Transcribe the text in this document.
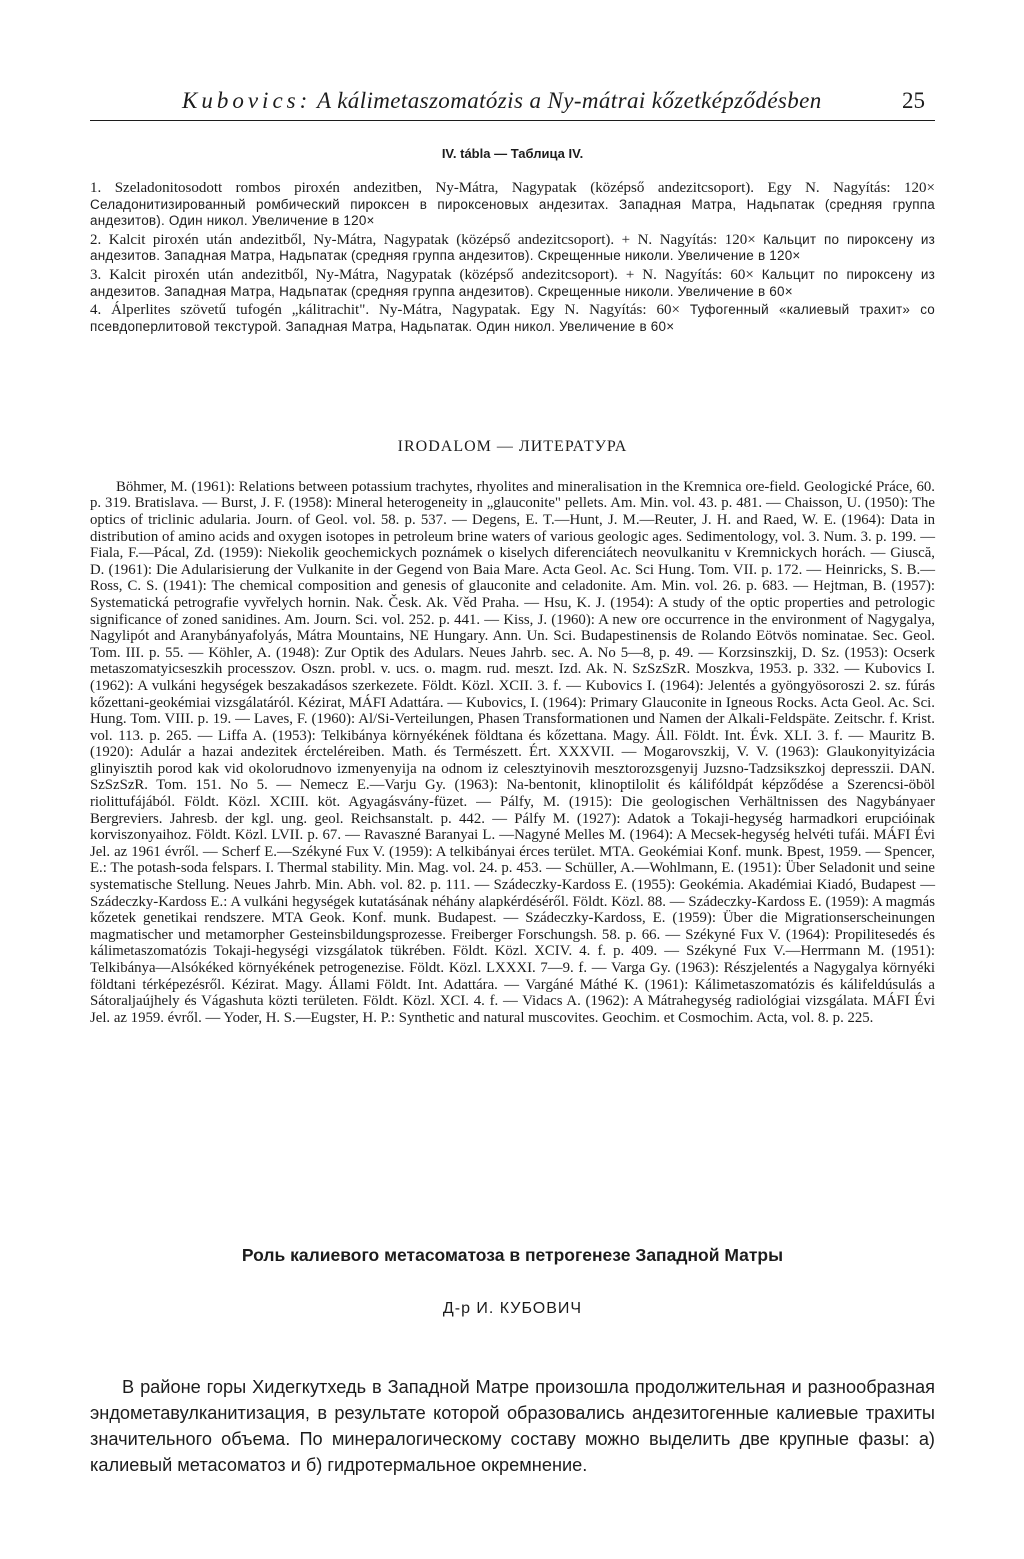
Kubovics: A kálimetaszomatózis a Ny-mátrai kőzetképződésben	25
IV. tábla — Таблица IV.

1. Szeladonitosodott rombos piroxén andezitben, Ny-Mátra, Nagypatak (középső andezitcsoport). Egy N. Nagyítás: 120× Селадонитизированный ромбический пироксен в пироксеновых андезитах. Западная Матра, Надьпатак (средняя группа андезитов). Один никол. Увеличение в 120×

2. Kalcit piroxén után andezitből, Ny-Mátra, Nagypatak (középső andezitcsoport). + N. Nagyítás: 120× Кальцит по пироксену из андезитов. Западная Матра, Надьпатак (средняя группа андезитов). Скрещенные николи. Увеличение в 120×

3. Kalcit piroxén után andezitből, Ny-Mátra, Nagypatak (középső andezitcsoport). + N. Nagyítás: 60× Кальцит по пироксену из андезитов. Западная Матра, Надьпатак (средняя группа андезитов). Скрещенные николи. Увеличение в 60×

4. Álperlites szövetű tufogén „kálitrachit". Ny-Mátra, Nagypatak. Egy N. Nagyítás: 60× Туфогенный «калиевый трахит» со псевдоперлитовой текстурой. Западная Матра, Надьпатак. Один никол. Увеличение в 60×

IRODALOM — ЛИТЕРАТУРА

Böhmer, M. (1961): Relations between potassium trachytes, rhyolites and mineralisation in the Kremnica ore-field. Geologické Práce, 60. p. 319. Bratislava. — Burst, J. F. (1958): Mineral heterogeneity in „glauconite" pellets. Am. Min. vol. 43. p. 481. — Chaisson, U. (1950): The optics of triclinic adularia. Journ. of Geol. vol. 58. p. 537. — Degens, E. T.—Hunt, J. M.—Reuter, J. H. and Raed, W. E. (1964): Data in distribution of amino acids and oxygen isotopes in petroleum brine waters of various geologic ages. Sedimentology, vol. 3. Num. 3. p. 199. — Fiala, F.—Pácal, Zd. (1959): Niekolik geochemickych poznámek o kiselych diferenciátech neovulkanitu v Kremnickych horách. — Giuscă, D. (1961): Die Adularisierung der Vulkanite in der Gegend von Baia Mare. Acta Geol. Ac. Sci Hung. Tom. VII. p. 172. — Heinricks, S. B.—Ross, C. S. (1941): The chemical composition and genesis of glauconite and celadonite. Am. Min. vol. 26. p. 683. — Hejtman, B. (1957): Systematická petrografie vyvřelych hornin. Nak. Česk. Ak. Věd Praha. — Hsu, K. J. (1954): A study of the optic properties and petrologic significance of zoned sanidines. Am. Journ. Sci. vol. 252. p. 441. — Kiss, J. (1960): A new ore occurrence in the environment of Nagygalya, Nagylipót and Aranybányafolyás, Mátra Mountains, NE Hungary. Ann. Un. Sci. Budapestinensis de Rolando Eötvös nominatae. Sec. Geol. Tom. III. p. 55. — Köhler, A. (1948): Zur Optik des Adulars. Neues Jahrb. sec. A. No 5—8, p. 49. — Korzsinszkij, D. Sz. (1953): Ocserk metaszomatyicseszkih processzov. Oszn. probl. v. ucs. o. magm. rud. meszt. Izd. Ak. N. SzSzSzR. Moszkva, 1953. p. 332. — Kubovics I. (1962): A vulkáni hegységek beszakadásos szerkezete. Földt. Közl. XCII. 3. f. — Kubovics I. (1964): Jelentés a gyöngyösoroszi 2. sz. fúrás kőzettani-geokémiai vizsgálatáról. Kézirat, MÁFI Adattára. — Kubovics, I. (1964): Primary Glauconite in Igneous Rocks. Acta Geol. Ac. Sci. Hung. Tom. VIII. p. 19. — Laves, F. (1960): Al/Si-Verteilungen, Phasen Transformationen und Namen der Alkali-Feldspäte. Zeitschr. f. Krist. vol. 113. p. 265. — Liffa A. (1953): Telkibánya környékének földtana és kőzettana. Magy. Áll. Földt. Int. Évk. XLI. 3. f. — Mauritz B. (1920): Adulár a hazai andezitek ércteléreiben. Math. és Természett. Ért. XXXVII. — Mogarovszkij, V. V. (1963): Glaukonyityizácia glinyisztih porod kak vid okolorudnovo izmenyenyija na odnom iz celesztyinovih mesztorozsgenyij Juzsno-Tadzsikszkoj depresszii. DAN. SzSzSzR. Tom. 151. No 5. — Nemecz E.—Varju Gy. (1963): Na-bentonit, klinoptilolit és kálifóldpát képződése a Szerencsi-öböl riolittufájából. Földt. Közl. XCIII. köt. Agyagásvány-füzet. — Pálfy, M. (1915): Die geologischen Verhältnissen des Nagybányaer Bergreviers. Jahresb. der kgl. ung. geol. Reichsanstalt. p. 442. — Pálfy M. (1927): Adatok a Tokaji-hegység harmadkori erupcióinak korviszonyaihoz. Földt. Közl. LVII. p. 67. — Ravaszné Baranyai L. —Nagyné Melles M. (1964): A Mecsek-hegység helvéti tufái. MÁFI Évi Jel. az 1961 évről. — Scherf E.—Székyné Fux V. (1959): A telkibányai érces terület. MTA. Geokémiai Konf. munk. Bpest, 1959. — Spencer, E.: The potash-soda felspars. I. Thermal stability. Min. Mag. vol. 24. p. 453. — Schüller, A.—Wohlmann, E. (1951): Über Seladonit und seine systematische Stellung. Neues Jahrb. Min. Abh. vol. 82. p. 111. — Szádeczky-Kardoss E. (1955): Geokémia. Akadémiai Kiadó, Budapest — Szádeczky-Kardoss E.: A vulkáni hegységek kutatásának néhány alapkérdéséről. Földt. Közl. 88. — Szádeczky-Kardoss E. (1959): A magmás kőzetek genetikai rendszere. MTA Geok. Konf. munk. Budapest. — Szádeczky-Kardoss, E. (1959): Über die Migrationserscheinungen magmatischer und metamorpher Gesteinsbildungsprozesse. Freiberger Forschungsh. 58. p. 66. — Székyné Fux V. (1964): Propilitesedés és kálimetaszomatózis Tokaji-hegységi vizsgálatok tükrében. Földt. Közl. XCIV. 4. f. p. 409. — Székyné Fux V.—Herrmann M. (1951): Telkibánya—Alsókéked környékének petrogenezise. Földt. Közl. LXXXI. 7—9. f. — Varga Gy. (1963): Részjelentés a Nagygalya környéki földtani térképezésről. Kézirat. Magy. Állami Földt. Int. Adattára. — Vargáné Máthé K. (1961): Kálimetaszomatózis és kálifeldúsulás a Sátoraljaújhely és Vágashuta közti területen. Földt. Közl. XCI. 4. f. — Vidacs A. (1962): A Mátrahegység radiológiai vizsgálata. MÁFI Évi Jel. az 1959. évről. — Yoder, H. S.—Eugster, H. P.: Synthetic and natural muscovites. Geochim. et Cosmochim. Acta, vol. 8. p. 225.

Роль калиевого метасоматоза в петрогенезе Западной Матры
Д-р И. КУБОВИЧ

В районе горы Хидегкутхедь в Западной Матре произошла продолжительная и разнообразная эндометавулканитизация, в результате которой образовались андезитогенные калиевые трахиты значительного объема. По минералогическому составу можно выделить две крупные фазы: а) калиевый метасоматоз и б) гидротермальное окремнение.
